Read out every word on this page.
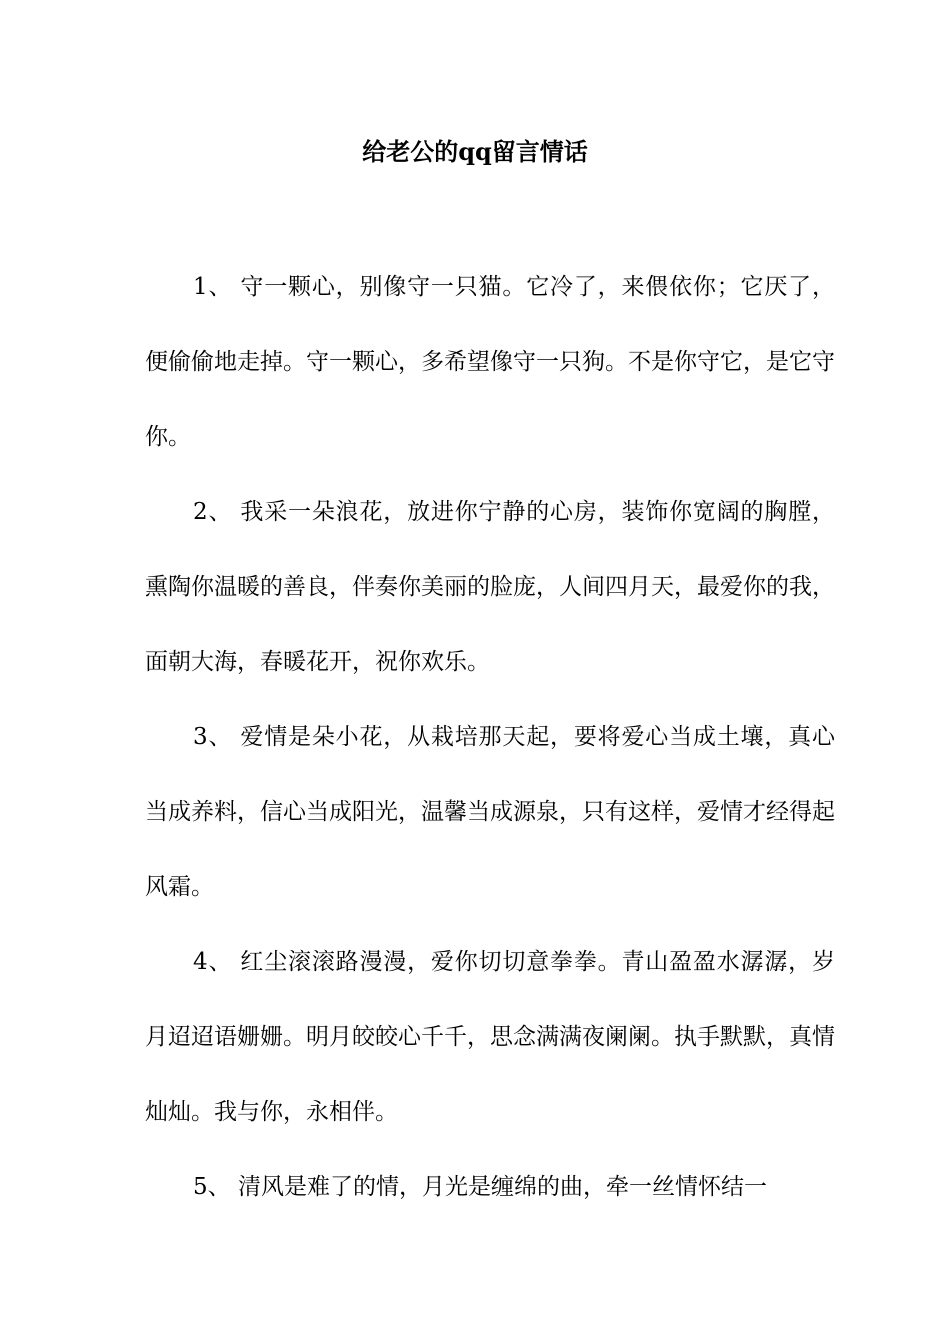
给老公的qq留言情话

1、 守一颗心，别像守一只猫。它冷了，来偎依你；它厌了，便偷偷地走掉。守一颗心，多希望像守一只狗。不是你守它，是它守你。

2、 我采一朵浪花，放进你宁静的心房，装饰你宽阔的胸膛，熏陶你温暖的善良，伴奏你美丽的脸庞，人间四月天，最爱你的我，面朝大海，春暖花开，祝你欢乐。

3、 爱情是朵小花，从栽培那天起，要将爱心当成土壤，真心当成养料，信心当成阳光，温馨当成源泉，只有这样，爱情才经得起风霜。

4、 红尘滚滚路漫漫，爱你切切意拳拳。青山盈盈水潺潺，岁月迢迢语姗姗。明月皎皎心千千，思念满满夜阑阑。执手默默，真情灿灿。我与你，永相伴。

5、 清风是难了的情，月光是缠绵的曲，牵一丝情怀结一
